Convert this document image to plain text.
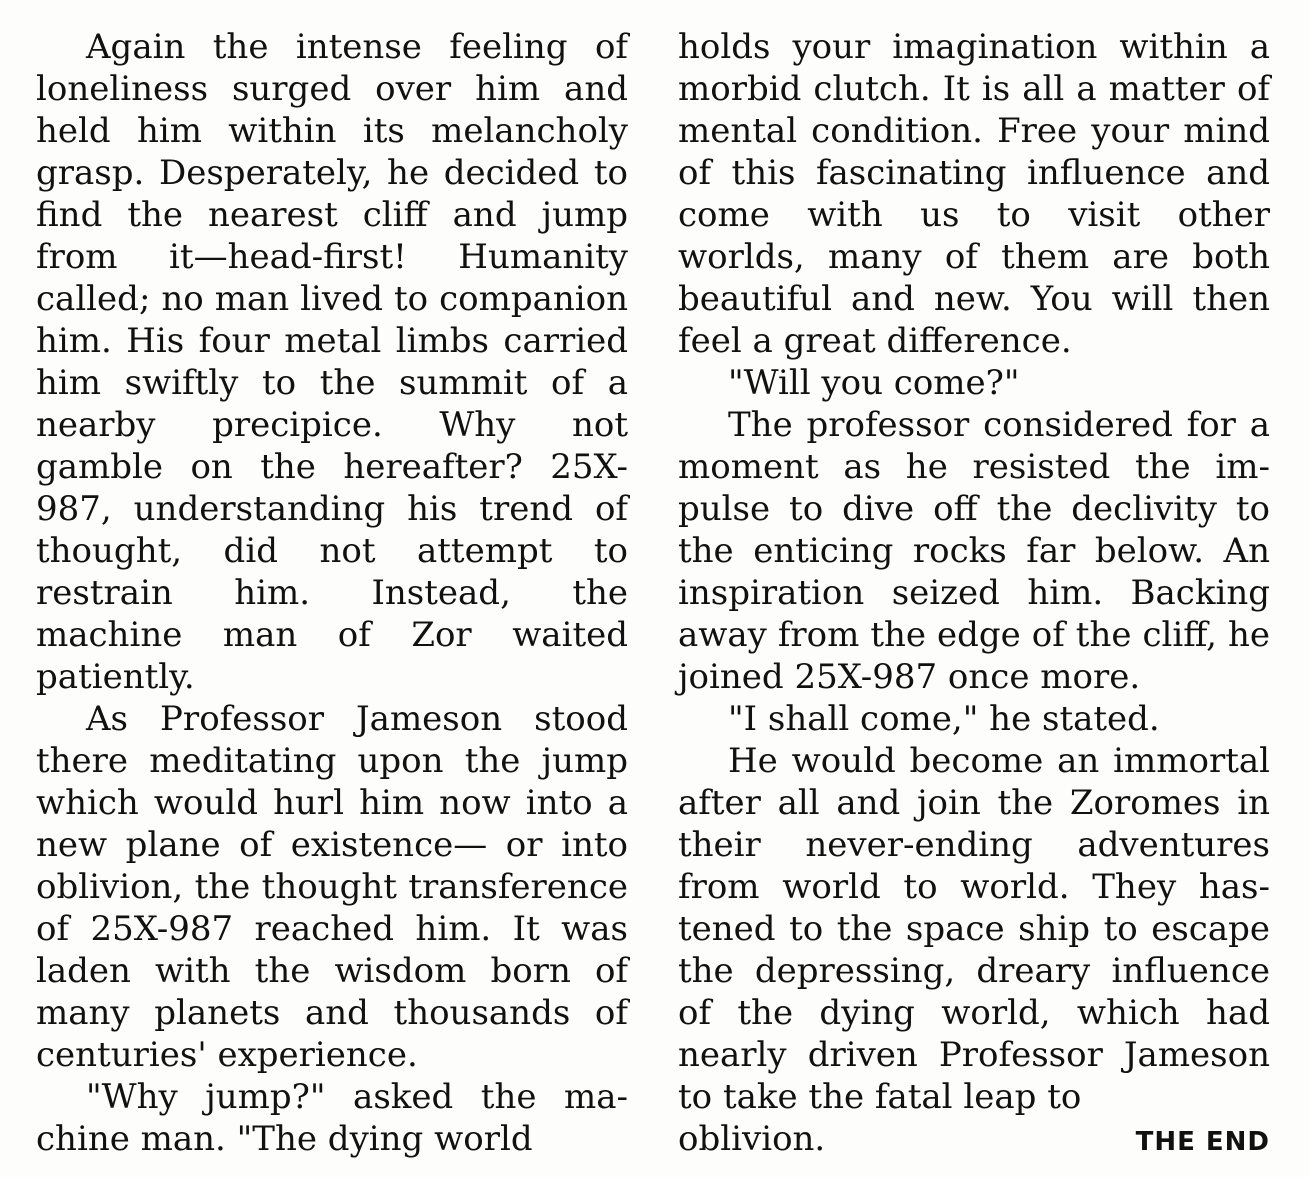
Again the intense feeling of loneliness surged over him and held him within its melancholy grasp. Desperately, he decided to find the nearest cliff and jump from it—head-first! Humanity called; no man lived to companion him. His four metal limbs carried him swiftly to the summit of a nearby precipice. Why not gamble on the hereafter? 25X-987, understanding his trend of thought, did not attempt to restrain him. Instead, the machine man of Zor waited patiently.

As Professor Jameson stood there meditating upon the jump which would hurl him now into a new plane of existence— or into oblivion, the thought transference of 25X-987 reached him. It was laden with the wisdom born of many planets and thousands of centuries' experience.

"Why jump?" asked the machine man. "The dying world

holds your imagination within a morbid clutch. It is all a matter of mental condition. Free your mind of this fascinating influence and come with us to visit other worlds, many of them are both beautiful and new. You will then feel a great difference.

"Will you come?"

The professor considered for a moment as he resisted the impulse to dive off the declivity to the enticing rocks far below. An inspiration seized him. Backing away from the edge of the cliff, he joined 25X-987 once more.

"I shall come," he stated.

He would become an immortal after all and join the Zoromes in their never-ending adventures from world to world. They hastened to the space ship to escape the depressing, dreary influence of the dying world, which had nearly driven Professor Jameson to take the fatal leap to

oblivion.	THE END
